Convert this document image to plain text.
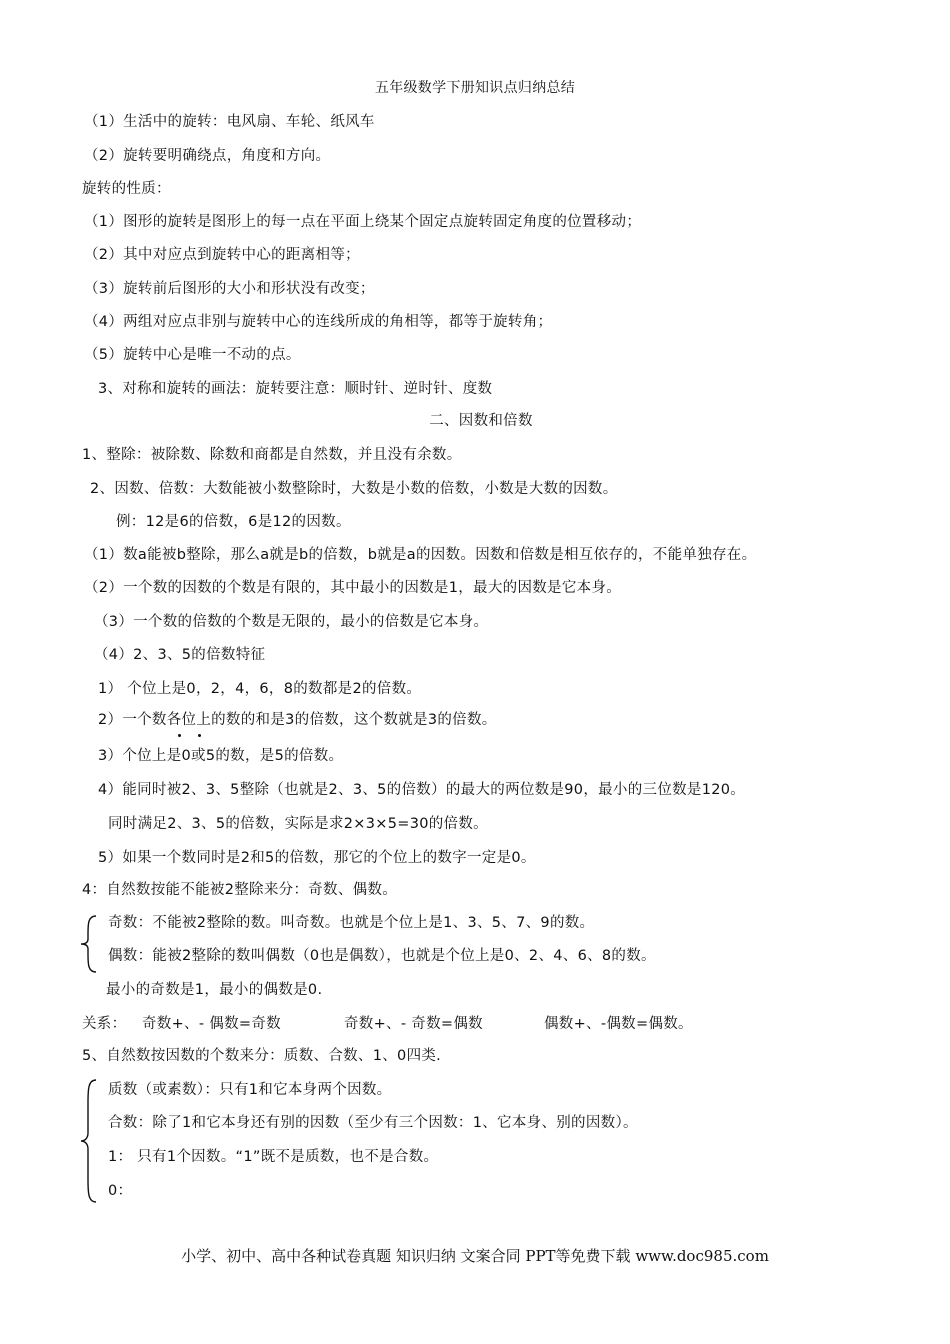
五年级数学下册知识点归纳总结
（1）生活中的旋转：电风扇、车轮、纸风车
（2）旋转要明确绕点，角度和方向。
旋转的性质：
（1）图形的旋转是图形上的每一点在平面上绕某个固定点旋转固定角度的位置移动；
（2）其中对应点到旋转中心的距离相等；
（3）旋转前后图形的大小和形状没有改变；
（4）两组对应点非别与旋转中心的连线所成的角相等，都等于旋转角；
（5）旋转中心是唯一不动的点。
3、对称和旋转的画法：旋转要注意：顺时针、逆时针、度数
二、因数和倍数
1、整除：被除数、除数和商都是自然数，并且没有余数。
2、因数、倍数：大数能被小数整除时，大数是小数的倍数，小数是大数的因数。
例：12是6的倍数，6是12的因数。
（1）数a能被b整除，那么a就是b的倍数，b就是a的因数。因数和倍数是相互依存的，不能单独存在。
（2）一个数的因数的个数是有限的，其中最小的因数是1，最大的因数是它本身。
（3）一个数的倍数的个数是无限的，最小的倍数是它本身。
（4）2、3、5的倍数特征
1） 个位上是0，2，4，6，8的数都是2的倍数。
2）一个数各位上的数的和是3的倍数，这个数就是3的倍数。
3）个位上是0或5的数，是5的倍数。
4）能同时被2、3、5整除（也就是2、3、5的倍数）的最大的两位数是90，最小的三位数是120。
同时满足2、3、5的倍数，实际是求2×3×5=30的倍数。
5）如果一个数同时是2和5的倍数，那它的个位上的数字一定是0。
4：自然数按能不能被2整除来分：奇数、偶数。
奇数：不能被2整除的数。叫奇数。也就是个位上是1、3、5、7、9的数。
偶数：能被2整除的数叫偶数（0也是偶数），也就是个位上是0、2、4、6、8的数。
最小的奇数是1，最小的偶数是0.
关系： 奇数+、- 偶数=奇数	奇数+、- 奇数=偶数	偶数+、-偶数=偶数。
5、自然数按因数的个数来分：质数、合数、1、0四类.
质数（或素数）：只有1和它本身两个因数。
合数：除了1和它本身还有别的因数（至少有三个因数：1、它本身、别的因数）。
1： 只有1个因数。“1”既不是质数，也不是合数。
0：
小学、初中、高中各种试卷真题 知识归纳 文案合同 PPT等免费下载 www.doc985.com
